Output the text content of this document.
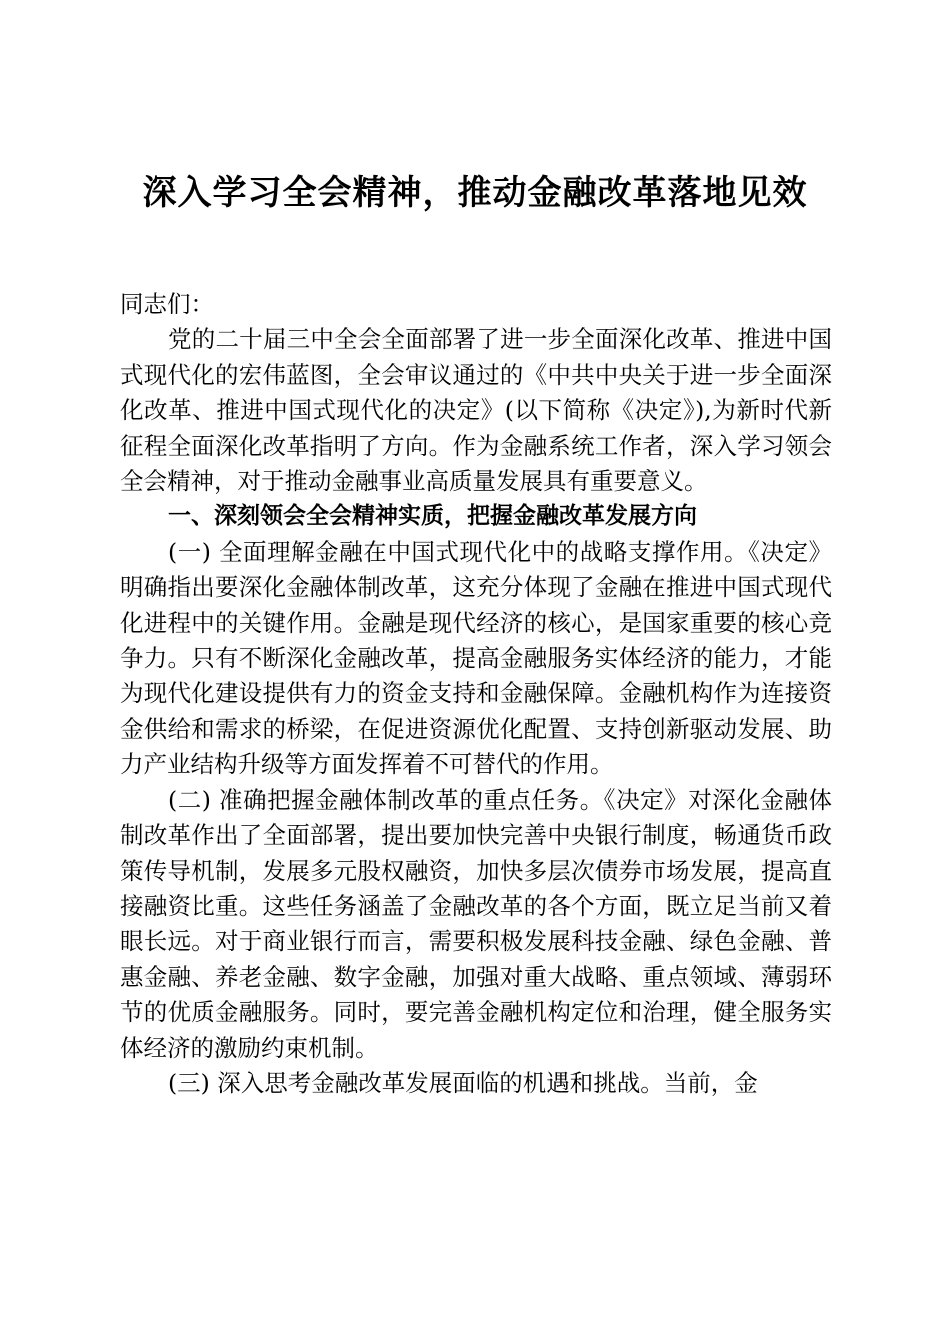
深入学习全会精神，推动金融改革落地见效

同志们：

党的二十届三中全会全面部署了进一步全面深化改革、推进中国式现代化的宏伟蓝图，全会审议通过的《中共中央关于进一步全面深化改革、推进中国式现代化的决定》(以下简称《决定》),为新时代新征程全面深化改革指明了方向。作为金融系统工作者，深入学习领会全会精神，对于推动金融事业高质量发展具有重要意义。

一、深刻领会全会精神实质，把握金融改革发展方向

(一) 全面理解金融在中国式现代化中的战略支撑作用。《决定》明确指出要深化金融体制改革，这充分体现了金融在推进中国式现代化进程中的关键作用。金融是现代经济的核心，是国家重要的核心竞争力。只有不断深化金融改革，提高金融服务实体经济的能力，才能为现代化建设提供有力的资金支持和金融保障。金融机构作为连接资金供给和需求的桥梁，在促进资源优化配置、支持创新驱动发展、助力产业结构升级等方面发挥着不可替代的作用。

(二) 准确把握金融体制改革的重点任务。《决定》对深化金融体制改革作出了全面部署，提出要加快完善中央银行制度，畅通货币政策传导机制，发展多元股权融资，加快多层次债券市场发展，提高直接融资比重。这些任务涵盖了金融改革的各个方面，既立足当前又着眼长远。对于商业银行而言，需要积极发展科技金融、绿色金融、普惠金融、养老金融、数字金融，加强对重大战略、重点领域、薄弱环节的优质金融服务。同时，要完善金融机构定位和治理，健全服务实体经济的激励约束机制。

(三) 深入思考金融改革发展面临的机遇和挑战。当前，金
